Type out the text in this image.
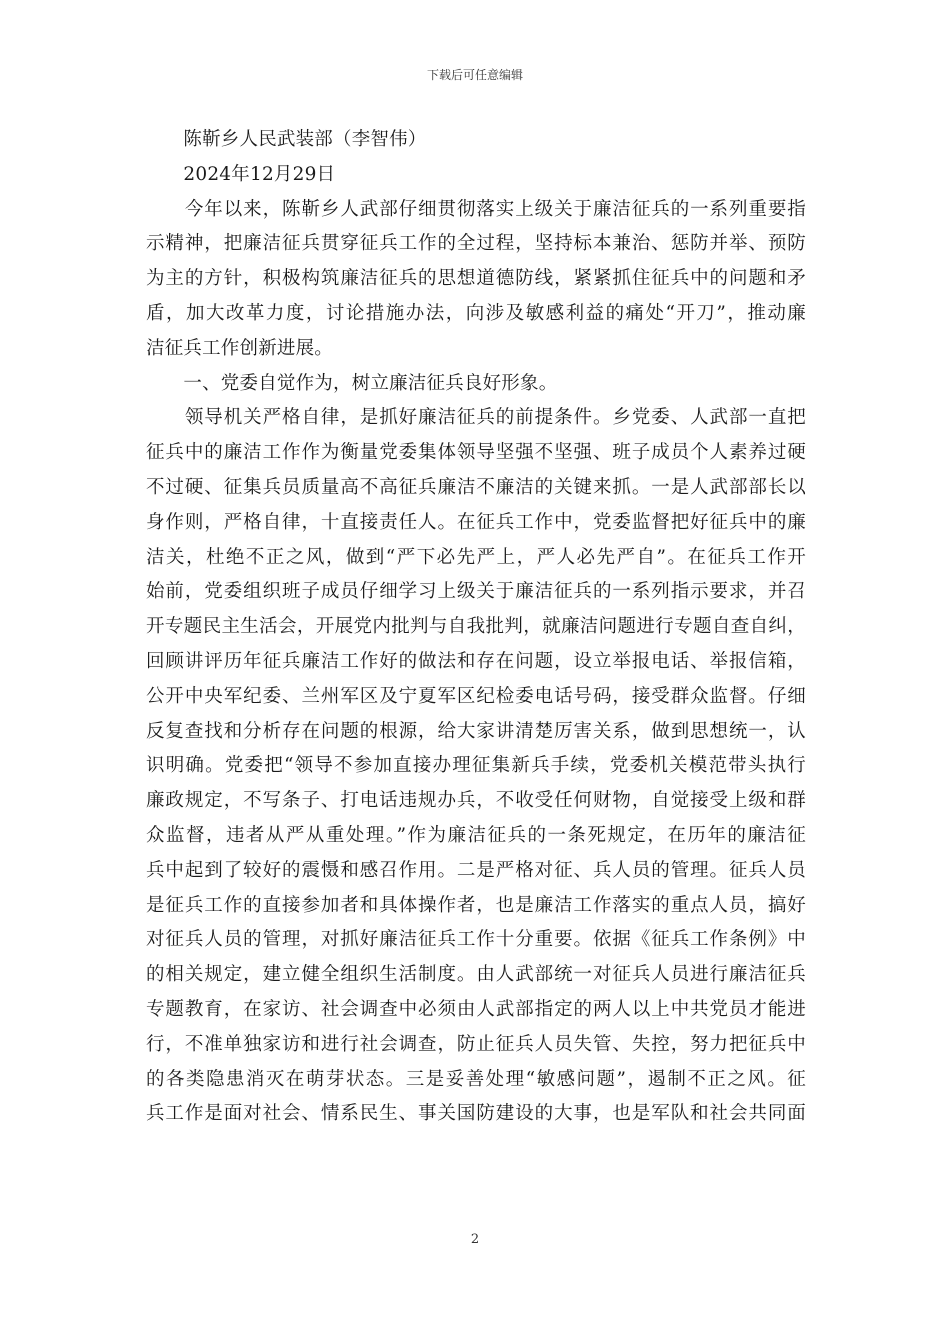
下载后可任意编辑
　　陈靳乡人民武装部（李智伟）
　　2024年12月29日
　　今年以来，陈靳乡人武部仔细贯彻落实上级关于廉洁征兵的一系列重要指
示精神，把廉洁征兵贯穿征兵工作的全过程，坚持标本兼治、惩防并举、预防
为主的方针，积极构筑廉洁征兵的思想道德防线，紧紧抓住征兵中的问题和矛
盾，加大改革力度，讨论措施办法，向涉及敏感利益的痛处“开刀”，推动廉
洁征兵工作创新进展。
　　一、党委自觉作为，树立廉洁征兵良好形象。
　　领导机关严格自律，是抓好廉洁征兵的前提条件。乡党委、人武部一直把
征兵中的廉洁工作作为衡量党委集体领导坚强不坚强、班子成员个人素养过硬
不过硬、征集兵员质量高不高征兵廉洁不廉洁的关键来抓。一是人武部部长以
身作则，严格自律，十直接责任人。在征兵工作中，党委监督把好征兵中的廉
洁关，杜绝不正之风，做到“严下必先严上，严人必先严自”。在征兵工作开
始前，党委组织班子成员仔细学习上级关于廉洁征兵的一系列指示要求，并召
开专题民主生活会，开展党内批判与自我批判，就廉洁问题进行专题自查自纠，
回顾讲评历年征兵廉洁工作好的做法和存在问题，设立举报电话、举报信箱，
公开中央军纪委、兰州军区及宁夏军区纪检委电话号码，接受群众监督。仔细
反复查找和分析存在问题的根源，给大家讲清楚厉害关系，做到思想统一，认
识明确。党委把“领导不参加直接办理征集新兵手续，党委机关模范带头执行
廉政规定，不写条子、打电话违规办兵，不收受任何财物，自觉接受上级和群
众监督，违者从严从重处理。”作为廉洁征兵的一条死规定，在历年的廉洁征
兵中起到了较好的震慑和感召作用。二是严格对征、兵人员的管理。征兵人员
是征兵工作的直接参加者和具体操作者，也是廉洁工作落实的重点人员，搞好
对征兵人员的管理，对抓好廉洁征兵工作十分重要。依据《征兵工作条例》中
的相关规定，建立健全组织生活制度。由人武部统一对征兵人员进行廉洁征兵
专题教育，在家访、社会调查中必须由人武部指定的两人以上中共党员才能进
行，不准单独家访和进行社会调查，防止征兵人员失管、失控，努力把征兵中
的各类隐患消灭在萌芽状态。三是妥善处理“敏感问题”，遏制不正之风。征
兵工作是面对社会、情系民生、事关国防建设的大事，也是军队和社会共同面
2
